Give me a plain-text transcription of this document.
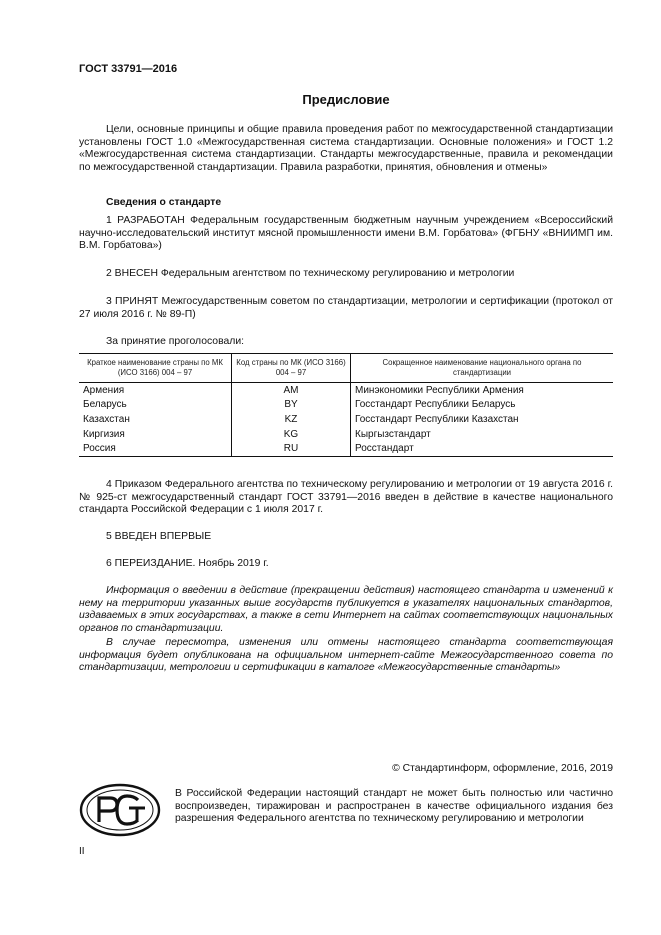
ГОСТ 33791—2016
Предисловие
Цели, основные принципы и общие правила проведения работ по межгосударственной стандартизации установлены ГОСТ 1.0 «Межгосударственная система стандартизации. Основные положения» и ГОСТ 1.2 «Межгосударственная система стандартизации. Стандарты межгосударственные, правила и рекомендации по межгосударственной стандартизации. Правила разработки, принятия, обновления и отмены»
Сведения о стандарте
1 РАЗРАБОТАН Федеральным государственным бюджетным научным учреждением «Всероссийский научно-исследовательский институт мясной промышленности имени В.М. Горбатова» (ФГБНУ «ВНИИМП им. В.М. Горбатова»)
2 ВНЕСЕН Федеральным агентством по техническому регулированию и метрологии
3 ПРИНЯТ Межгосударственным советом по стандартизации, метрологии и сертификации (протокол от 27 июля 2016 г. № 89-П)
За принятие проголосовали:
Краткое наименование страны по МК (ИСО 3166) 004 – 97	Код страны по МК (ИСО 3166) 004 – 97	Сокращенное наименование национального органа по стандартизации
Армения	AM	Минэкономики Республики Армения
Беларусь	BY	Госстандарт Республики Беларусь
Казахстан	KZ	Госстандарт Республики Казахстан
Киргизия	KG	Кыргызстандарт
Россия	RU	Росстандарт
4 Приказом Федерального агентства по техническому регулированию и метрологии от 19 августа 2016 г. № 925-ст межгосударственный стандарт ГОСТ 33791—2016 введен в действие в качестве национального стандарта Российской Федерации с 1 июля 2017 г.
5 ВВЕДЕН ВПЕРВЫЕ
6 ПЕРЕИЗДАНИЕ. Ноябрь 2019 г.
Информация о введении в действие (прекращении действия) настоящего стандарта и изменений к нему на территории указанных выше государств публикуется в указателях национальных стандартов, издаваемых в этих государствах, а также в сети Интернет на сайтах соответствующих национальных органов по стандартизации.
В случае пересмотра, изменения или отмены настоящего стандарта соответствующая информация будет опубликована на официальном интернет-сайте Межгосударственного совета по стандартизации, метрологии и сертификации в каталоге «Межгосударственные стандарты»
© Стандартинформ, оформление, 2016, 2019
В Российской Федерации настоящий стандарт не может быть полностью или частично воспроизведен, тиражирован и распространен в качестве официального издания без разрешения Федерального агентства по техническому регулированию и метрологии
II
